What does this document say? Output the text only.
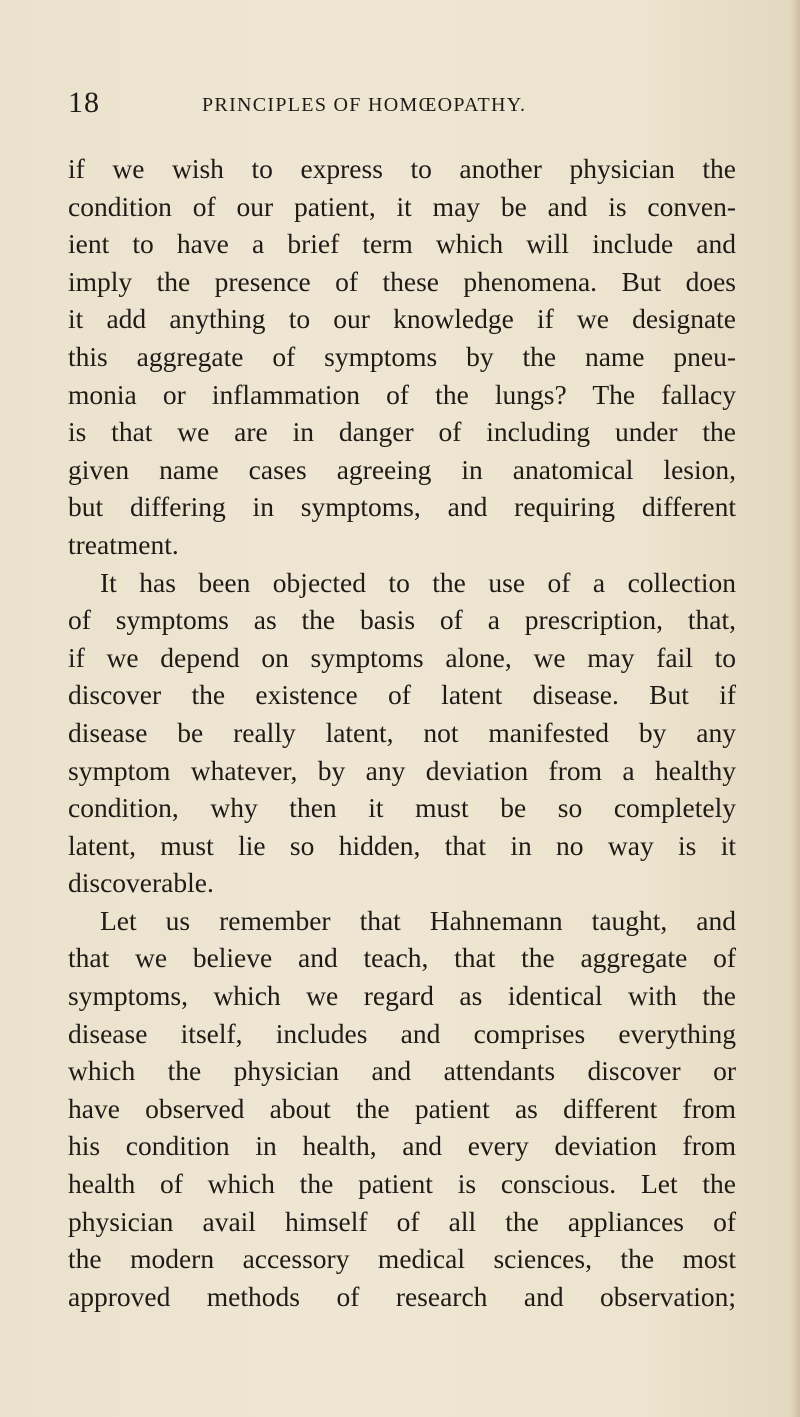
18	PRINCIPLES OF HOMŒOPATHY.
if we wish to express to another physician the
condition of our patient, it may be and is conven-
ient to have a brief term which will include and
imply the presence of these phenomena. But does
it add anything to our knowledge if we designate
this aggregate of symptoms by the name pneu-
monia or inflammation of the lungs? The fallacy
is that we are in danger of including under the
given name cases agreeing in anatomical lesion,
but differing in symptoms, and requiring different
treatment.
It has been objected to the use of a collection
of symptoms as the basis of a prescription, that,
if we depend on symptoms alone, we may fail to
discover the existence of latent disease. But if
disease be really latent, not manifested by any
symptom whatever, by any deviation from a healthy
condition, why then it must be so completely
latent, must lie so hidden, that in no way is it
discoverable.
Let us remember that Hahnemann taught, and
that we believe and teach, that the aggregate of
symptoms, which we regard as identical with the
disease itself, includes and comprises everything
which the physician and attendants discover or
have observed about the patient as different from
his condition in health, and every deviation from
health of which the patient is conscious. Let the
physician avail himself of all the appliances of
the modern accessory medical sciences, the most
approved methods of research and observation;
